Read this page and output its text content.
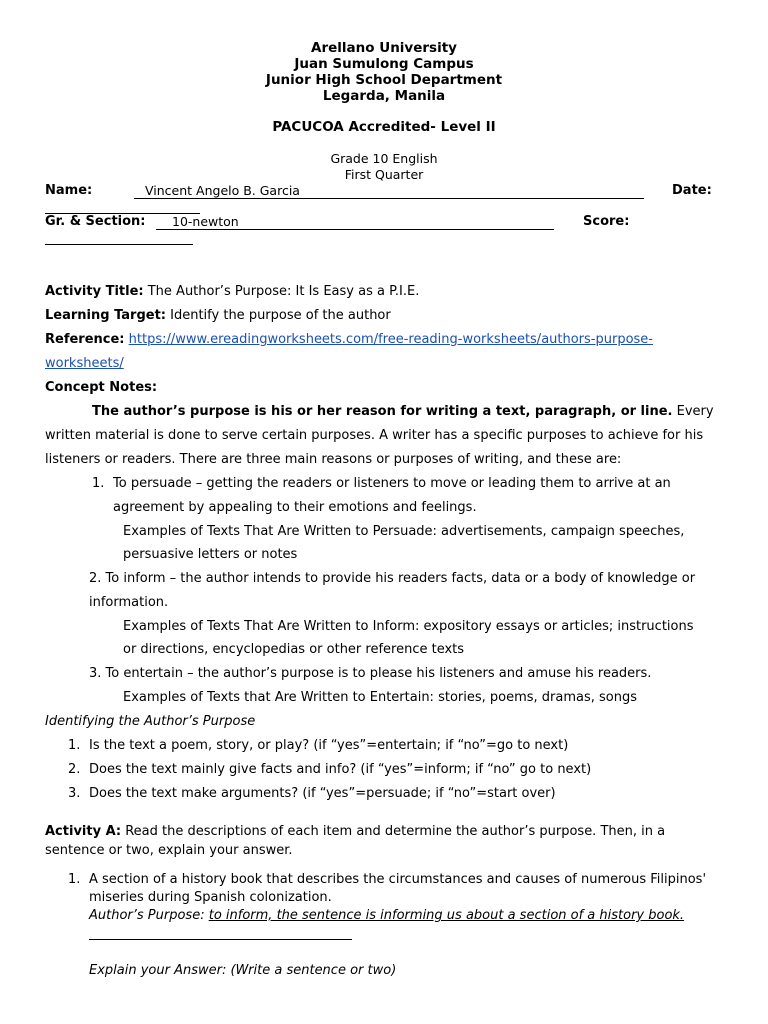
Arellano University
Juan Sumulong Campus
Junior High School Department
Legarda, Manila
PACUCOA Accredited- Level II
Grade 10 English
First Quarter
Name:	Vincent Angelo B. Garcia	Date:
Gr. & Section: 10-newton	Score:
Activity Title: The Author’s Purpose: It Is Easy as a P.I.E.
Learning Target: Identify the purpose of the author
Reference: https://www.ereadingworksheets.com/free-reading-worksheets/authors-purpose-
worksheets/
Concept Notes:
The author’s purpose is his or her reason for writing a text, paragraph, or line. Every
written material is done to serve certain purposes. A writer has a specific purposes to achieve for his
listeners or readers. There are three main reasons or purposes of writing, and these are:
1. To persuade – getting the readers or listeners to move or leading them to arrive at an
agreement by appealing to their emotions and feelings.
Examples of Texts That Are Written to Persuade: advertisements, campaign speeches,
persuasive letters or notes
2. To inform – the author intends to provide his readers facts, data or a body of knowledge or
information.
Examples of Texts That Are Written to Inform: expository essays or articles; instructions
or directions, encyclopedias or other reference texts
3. To entertain – the author’s purpose is to please his listeners and amuse his readers.
Examples of Texts that Are Written to Entertain: stories, poems, dramas, songs
Identifying the Author’s Purpose
1. Is the text a poem, story, or play? (if “yes”=entertain; if “no”=go to next)
2. Does the text mainly give facts and info? (if “yes”=inform; if “no” go to next)
3. Does the text make arguments? (if “yes”=persuade; if “no”=start over)
Activity A: Read the descriptions of each item and determine the author’s purpose. Then, in a
sentence or two, explain your answer.
1. A section of a history book that describes the circumstances and causes of numerous Filipinos'
miseries during Spanish colonization.
Author’s Purpose: to inform, the sentence is informing us about a section of a history book.
Explain your Answer: (Write a sentence or two)
